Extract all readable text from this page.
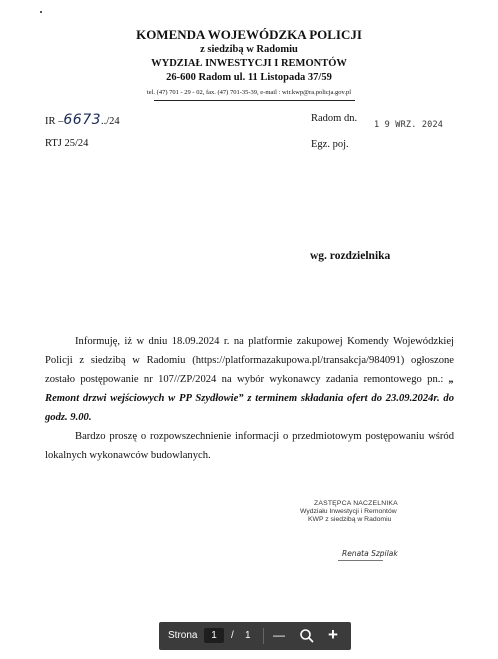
KOMENDA WOJEWÓDZKA POLICJI
z siedzibą w Radomiu
WYDZIAŁ INWESTYCJI I REMONTÓW
26-600 Radom ul. 11 Listopada 37/59
tel. (47) 701 - 29 - 02, fax. (47) 701-35-39, e-mail : wir.kwp@ra.policja.gov.pl
IR –6673../24
RTJ 25/24
Radom dn.
1 9 WRZ. 2024
Egz. poj.
wg. rozdzielnika

Informuję, iż w dniu 18.09.2024 r. na platformie zakupowej Komendy Wojewódzkiej Policji z siedzibą w Radomiu (https://platformazakupowa.pl/transakcja/984091) ogłoszone zostało postępowanie nr 107//ZP/2024 na wybór wykonawcy zadania remontowego pn.: „ Remont drzwi wejściowych w PP Szydłowie” z terminem składania ofert do 23.09.2024r. do godz. 9.00.

Bardzo proszę o rozpowszechnienie informacji o przedmiotowym postępowaniu wśród lokalnych wykonawców budowlanych.

ZASTĘPCA NACZELNIKA
Wydziału Inwestycji i Remontów
KWP z siedzibą w Radomiu
Renata Szpilak
Strona	1	/ 1 —	+
